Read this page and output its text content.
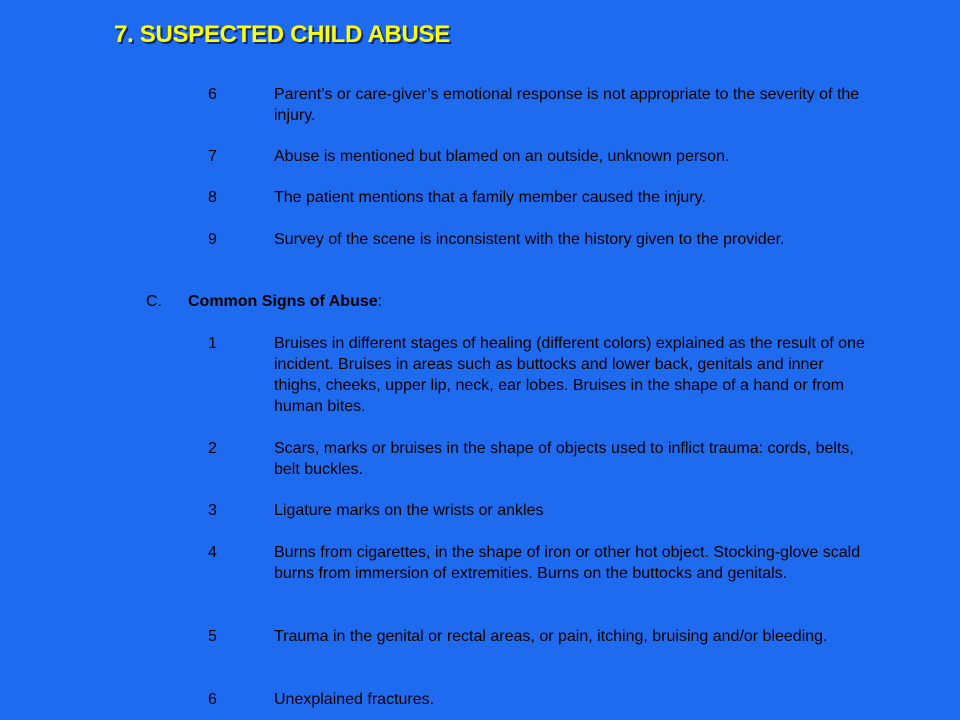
7. SUSPECTED CHILD ABUSE
6	Parent’s or care-giver’s emotional response is not appropriate to the severity of the injury.
7	Abuse is mentioned but blamed on an outside, unknown person.
8	The patient mentions that a family member caused the injury.
9	Survey of the scene is inconsistent with the history given to the provider.
C. Common Signs of Abuse:
1	Bruises in different stages of healing (different colors) explained as the result of one incident. Bruises in areas such as buttocks and lower back, genitals and inner thighs, cheeks, upper lip, neck, ear lobes. Bruises in the shape of a hand or from human bites.
2	Scars, marks or bruises in the shape of objects used to inflict trauma: cords, belts, belt buckles.
3	Ligature marks on the wrists or ankles
4	Burns from cigarettes, in the shape of iron or other hot object. Stocking-glove scald burns from immersion of extremities. Burns on the buttocks and genitals.
5	Trauma in the genital or rectal areas, or pain, itching, bruising and/or bleeding.
6	Unexplained fractures.
